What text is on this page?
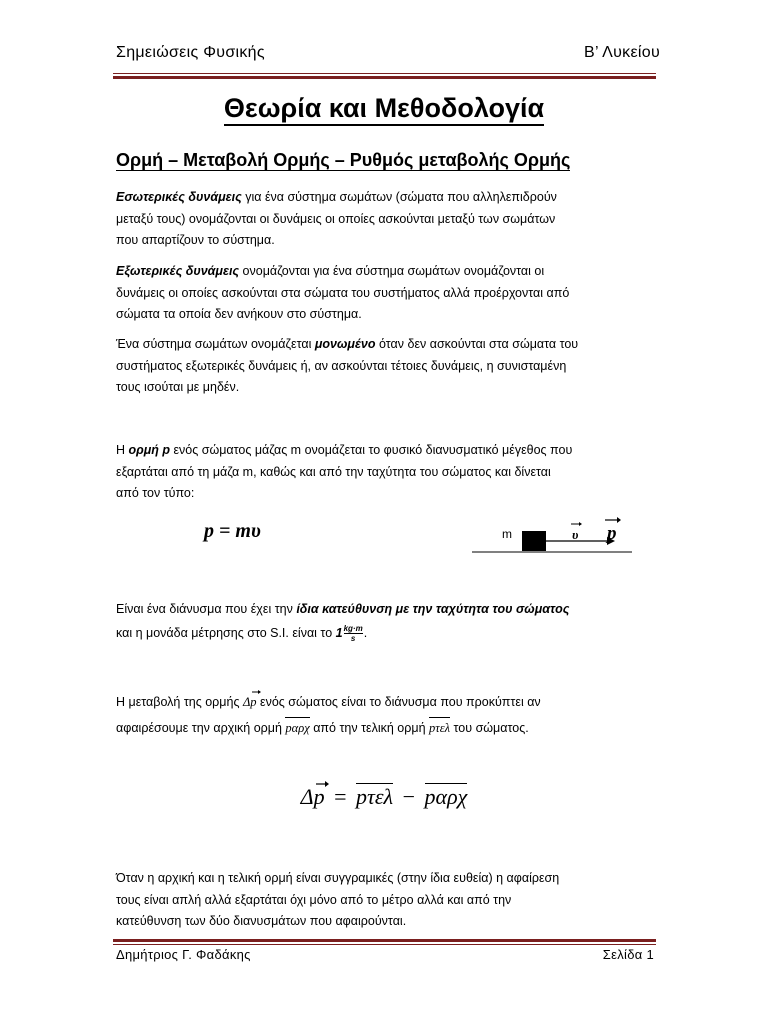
Σημειώσεις Φυσικής	Β’ Λυκείου
Θεωρία και Μεθοδολογία
Ορμή – Μεταβολή Ορμής – Ρυθμός μεταβολής Ορμής
Εσωτερικές δυνάμεις για ένα σύστημα σωμάτων (σώματα που αλληλεπιδρούν
μεταξύ τους) ονομάζονται οι δυνάμεις οι οποίες ασκούνται μεταξύ των σωμάτων
που απαρτίζουν το σύστημα.
Εξωτερικές δυνάμεις ονομάζονται για ένα σύστημα σωμάτων ονομάζονται οι
δυνάμεις οι οποίες ασκούνται στα σώματα του συστήματος αλλά προέρχονται από
σώματα τα οποία δεν ανήκουν στο σύστημα.
Ένα σύστημα σωμάτων ονομάζεται μονωμένο όταν δεν ασκούνται στα σώματα του
συστήματος εξωτερικές δυνάμεις ή, αν ασκούνται τέτοιες δυνάμεις, η συνισταμένη
τους ισούται με μηδέν.
Η ορμή p ενός σώματος μάζας m ονομάζεται το φυσικό διανυσματικό μέγεθος που
εξαρτάται από τη μάζα m, καθώς και από την ταχύτητα του σώματος και δίνεται
από τον τύπο:
p = mυ	m	υ p
Είναι ένα διάνυσμα που έχει την ίδια κατεύθυνση με την ταχύτητα του σώματος
και η μονάδα μέτρησης στο S.I. είναι το $1 \frac{kg\cdot m}{s}$ .
Η μεταβολή της ορμής Δp
ενός σώματος είναι το διάνυσμα που προκύπτει αν
αφαιρέσουμε την αρχική ορμή pαρχ από την τελική ορμή pτελ του σώματος.
Δp = pτελ − pαρχ
Όταν η αρχική και η τελική ορμή είναι συγγραμικές (στην ίδια ευθεία) η αφαίρεση
τους είναι απλή αλλά εξαρτάται όχι μόνο από το μέτρο αλλά και από την
κατεύθυνση των δύο διανυσμάτων που αφαιρούνται.
Δημήτριος Γ. Φαδάκης	Σελίδα 1
